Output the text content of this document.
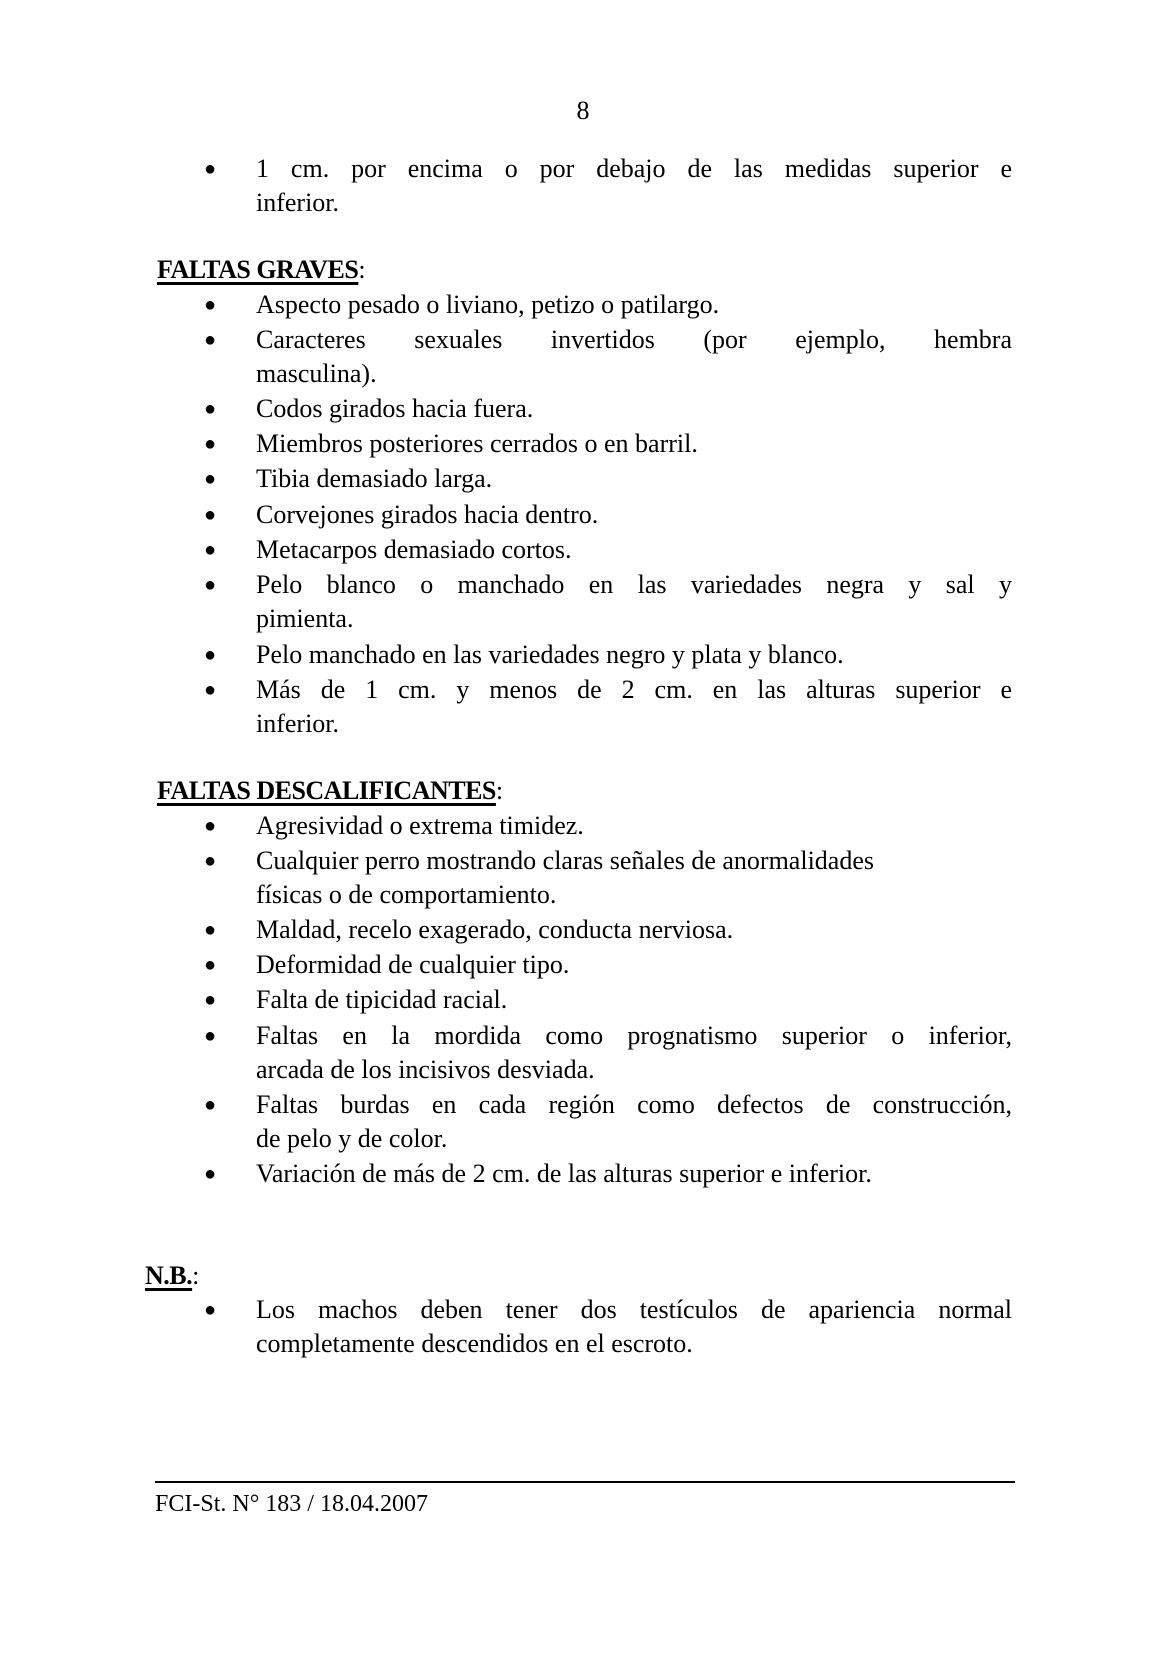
8
● 1 cm. por encima o por debajo de las medidas superior e
inferior.
FALTAS GRAVES:
● Aspecto pesado o liviano, petizo o patilargo.
● Caracteres sexuales invertidos (por ejemplo, hembra
masculina).
● Codos girados hacia fuera.
● Miembros posteriores cerrados o en barril.
● Tibia demasiado larga.
● Corvejones girados hacia dentro.
● Metacarpos demasiado cortos.
● Pelo blanco o manchado en las variedades negra y sal y
pimienta.
● Pelo manchado en las variedades negro y plata y blanco.
● Más de 1 cm. y menos de 2 cm. en las alturas superior e
inferior.
FALTAS DESCALIFICANTES:
● Agresividad o extrema timidez.
● Cualquier perro mostrando claras señales de anormalidades
físicas o de comportamiento.
● Maldad, recelo exagerado, conducta nerviosa.
● Deformidad de cualquier tipo.
● Falta de tipicidad racial.
● Faltas en la mordida como prognatismo superior o inferior,
arcada de los incisivos desviada.
● Faltas burdas en cada región como defectos de construcción,
de pelo y de color.
● Variación de más de 2 cm. de las alturas superior e inferior.
N.B.:
● Los machos deben tener dos testículos de apariencia normal
completamente descendidos en el escroto.
FCI-St. N° 183 / 18.04.2007
